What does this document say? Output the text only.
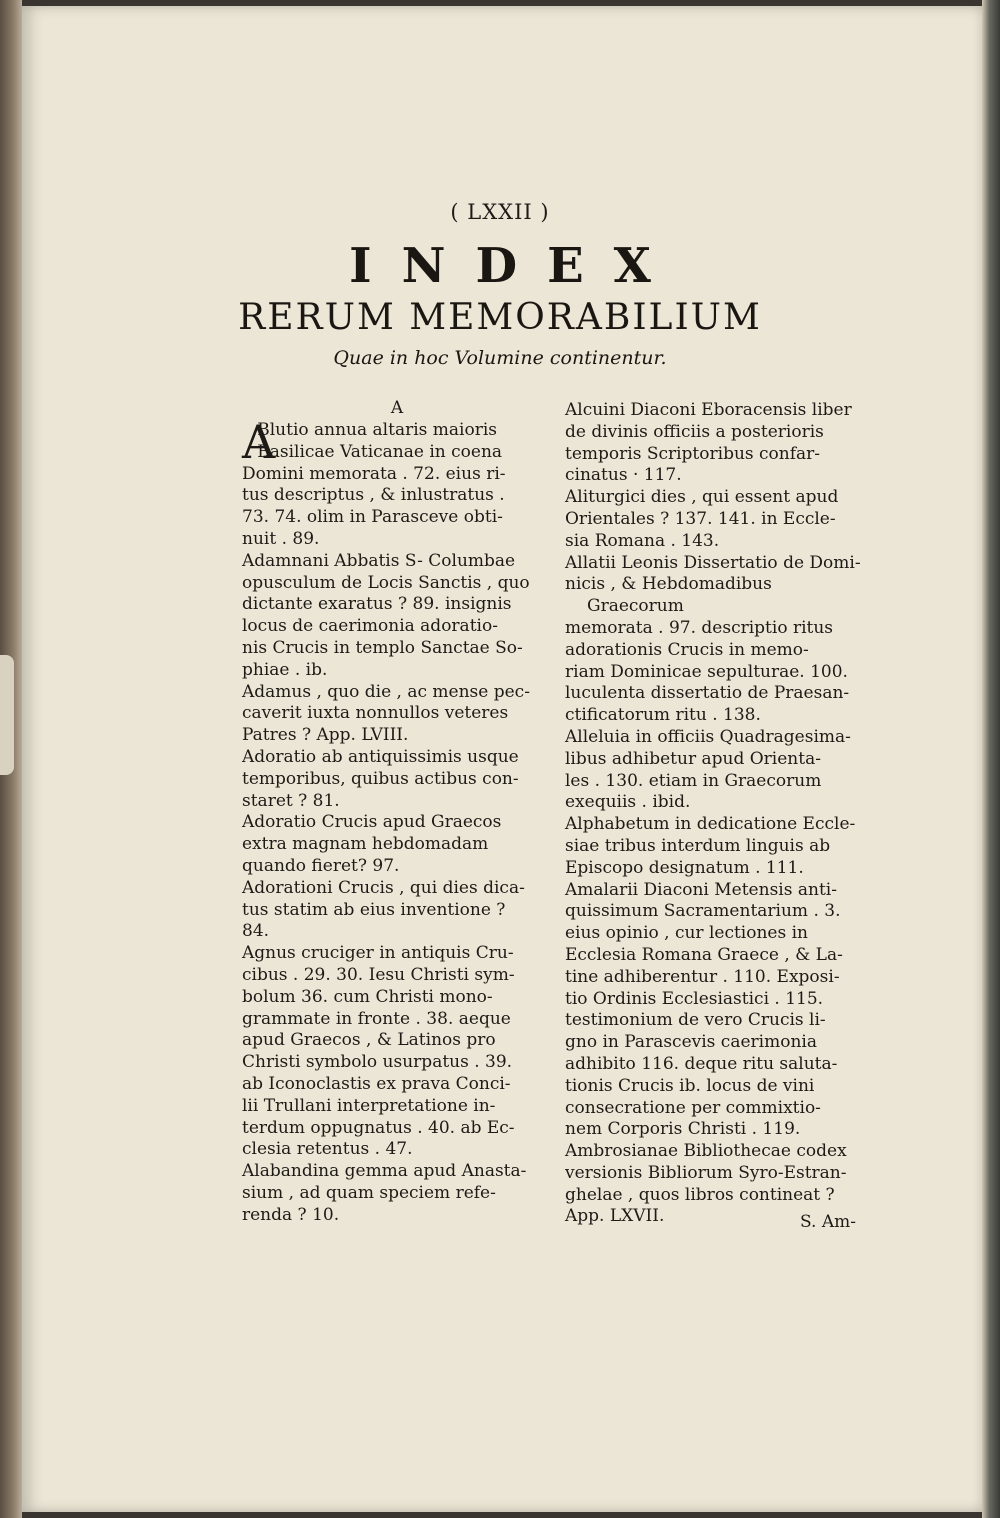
( LXXII )
INDEX
RERUM MEMORABILIUM
Quae in hoc Volumine continentur.
A
A
Blutio annua altaris maioris
Basilicae Vaticanae in coena
Domini memorata . 72. eius ri-
tus descriptus , & inlustratus .
73. 74. olim in Parasceve obti-
nuit . 89.
Adamnani Abbatis S- Columbae
opusculum de Locis Sanctis , quo
dictante exaratus ? 89. insignis
locus de caerimonia adoratio-
nis Crucis in templo Sanctae So-
phiae . ib.
Adamus , quo die , ac mense pec-
caverit iuxta nonnullos veteres
Patres ? App. LVIII.
Adoratio ab antiquissimis usque
temporibus, quibus actibus con-
staret ? 81.
Adoratio Crucis apud Graecos
extra magnam hebdomadam
quando fieret? 97.
Adorationi Crucis , qui dies dica-
tus statim ab eius inventione ?
84.
Agnus cruciger in antiquis Cru-
cibus . 29. 30. Iesu Christi sym-
bolum 36. cum Christi mono-
grammate in fronte . 38. aeque
apud Graecos , & Latinos pro
Christi symbolo usurpatus . 39.
ab Iconoclastis ex prava Conci-
lii Trullani interpretatione in-
terdum oppugnatus . 40. ab Ec-
clesia retentus . 47.
Alabandina gemma apud Anasta-
sium , ad quam speciem refe-
renda ? 10.
Alcuini Diaconi Eboracensis liber
de divinis officiis a posterioris
temporis Scriptoribus confar-
cinatus · 117.
Aliturgici dies , qui essent apud
Orientales ? 137. 141. in Eccle-
sia Romana . 143.
Allatii Leonis Dissertatio de Domi-
nicis , & Hebdomadibus Graecorum
memorata . 97. descriptio ritus
adorationis Crucis in memo-
riam Dominicae sepulturae. 100.
luculenta dissertatio de Praesan-
ctificatorum ritu . 138.
Alleluia in officiis Quadragesima-
libus adhibetur apud Orienta-
les . 130. etiam in Graecorum
exequiis . ibid.
Alphabetum in dedicatione Eccle-
siae tribus interdum linguis ab
Episcopo designatum . 111.
Amalarii Diaconi Metensis anti-
quissimum Sacramentarium . 3.
eius opinio , cur lectiones in
Ecclesia Romana Graece , & La-
tine adhiberentur . 110. Exposi-
tio Ordinis Ecclesiastici . 115.
testimonium de vero Crucis li-
gno in Parascevis caerimonia
adhibito 116. deque ritu saluta-
tionis Crucis ib. locus de vini
consecratione per commixtio-
nem Corporis Christi . 119.
Ambrosianae Bibliothecae codex
versionis Bibliorum Syro-Estran-
ghelae , quos libros contineat ?
App. LXVII.	S. Am-
